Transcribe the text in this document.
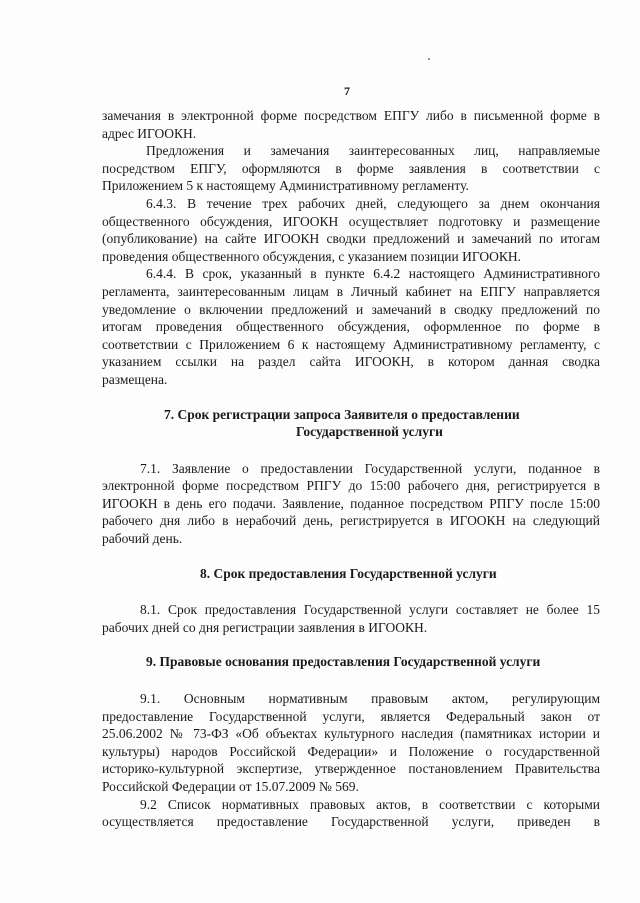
7
замечания в электронной форме посредством ЕПГУ либо в письменной форме в
адрес ИГООКН.
Предложения и замечания заинтересованных лиц, направляемые
посредством ЕПГУ, оформляются в форме заявления в соответствии с
Приложением 5 к настоящему Административному регламенту.
6.4.3. В течение трех рабочих дней, следующего за днем окончания
общественного обсуждения, ИГООКН осуществляет подготовку и размещение
(опубликование) на сайте ИГООКН сводки предложений и замечаний по итогам
проведения общественного обсуждения, с указанием позиции ИГООКН.
6.4.4. В срок, указанный в пункте 6.4.2 настоящего Административного
регламента, заинтересованным лицам в Личный кабинет на ЕПГУ направляется
уведомление о включении предложений и замечаний в сводку предложений по
итогам проведения общественного обсуждения, оформленное по форме в
соответствии с Приложением 6 к настоящему Административному регламенту, с
указанием ссылки на раздел сайта ИГООКН, в котором данная сводка
размещена.
7. Срок регистрации запроса Заявителя о предоставлении
Государственной услуги
7.1. Заявление о предоставлении Государственной услуги, поданное в
электронной форме посредством РПГУ до 15:00 рабочего дня, регистрируется в
ИГООКН в день его подачи. Заявление, поданное посредством РПГУ после 15:00
рабочего дня либо в нерабочий день, регистрируется в ИГООКН на следующий
рабочий день.
8. Срок предоставления Государственной услуги
8.1. Срок предоставления Государственной услуги составляет не более 15
рабочих дней со дня регистрации заявления в ИГООКН.
9. Правовые основания предоставления Государственной услуги
9.1. Основным нормативным правовым актом, регулирующим
предоставление Государственной услуги, является Федеральный закон от
25.06.2002 № 73-ФЗ «Об объектах культурного наследия (памятниках истории и
культуры) народов Российской Федерации» и Положение о государственной
историко-культурной экспертизе, утвержденное постановлением Правительства
Российской Федерации от 15.07.2009 № 569.
9.2 Список нормативных правовых актов, в соответствии с которыми
осуществляется предоставление Государственной услуги, приведен в
